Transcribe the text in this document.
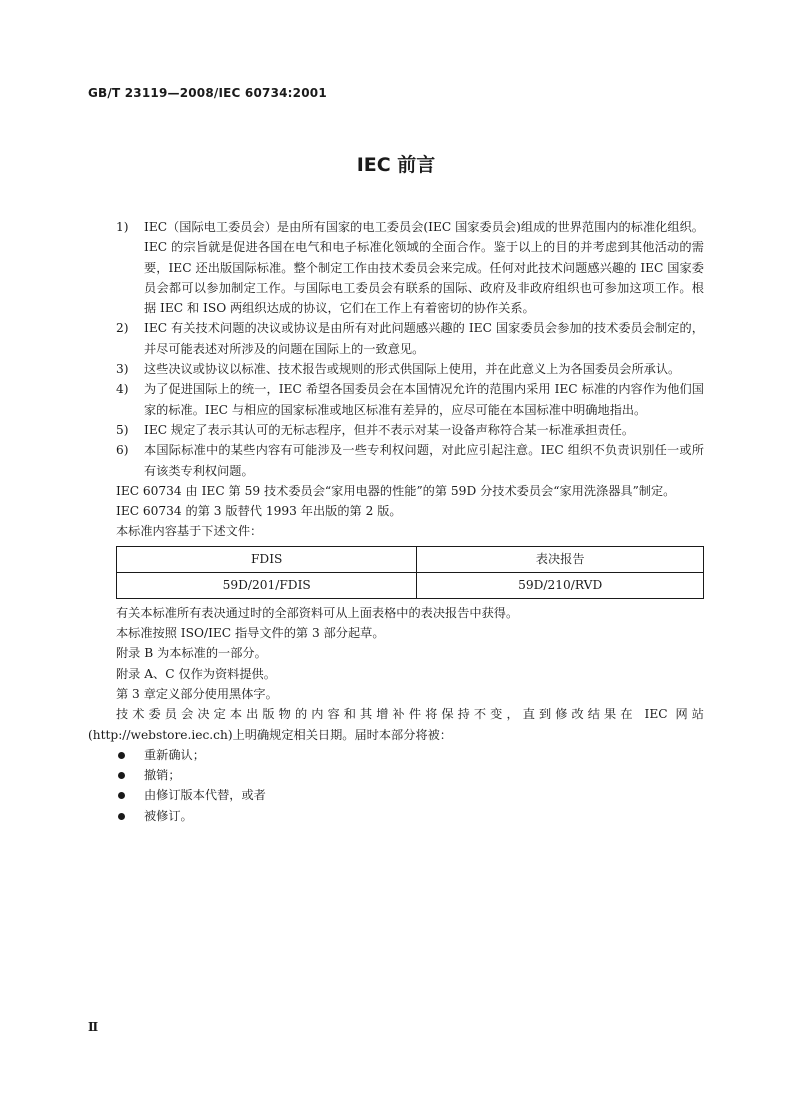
GB/T 23119—2008/IEC 60734:2001
IEC 前言
1) IEC（国际电工委员会）是由所有国家的电工委员会(IEC 国家委员会)组成的世界范围内的标准化组织。IEC 的宗旨就是促进各国在电气和电子标准化领域的全面合作。鉴于以上的目的并考虑到其他活动的需要，IEC 还出版国际标准。整个制定工作由技术委员会来完成。任何对此技术问题感兴趣的 IEC 国家委员会都可以参加制定工作。与国际电工委员会有联系的国际、政府及非政府组织也可参加这项工作。根据 IEC 和 ISO 两组织达成的协议，它们在工作上有着密切的协作关系。
2) IEC 有关技术问题的决议或协议是由所有对此问题感兴趣的 IEC 国家委员会参加的技术委员会制定的，并尽可能表述对所涉及的问题在国际上的一致意见。
3) 这些决议或协议以标准、技术报告或规则的形式供国际上使用，并在此意义上为各国委员会所承认。
4) 为了促进国际上的统一，IEC 希望各国委员会在本国情况允许的范围内采用 IEC 标准的内容作为他们国家的标准。IEC 与相应的国家标准或地区标准有差异的，应尽可能在本国标准中明确地指出。
5) IEC 规定了表示其认可的无标志程序，但并不表示对某一设备声称符合某一标准承担责任。
6) 本国际标准中的某些内容有可能涉及一些专利权问题，对此应引起注意。IEC 组织不负责识别任一或所有该类专利权问题。
IEC 60734 由 IEC 第 59 技术委员会“家用电器的性能”的第 59D 分技术委员会“家用洗涤器具”制定。
IEC 60734 的第 3 版替代 1993 年出版的第 2 版。
本标准内容基于下述文件：
FDIS	表决报告
59D/201/FDIS	59D/210/RVD
有关本标准所有表决通过时的全部资料可从上面表格中的表决报告中获得。
本标准按照 ISO/IEC 指导文件的第 3 部分起草。
附录 B 为本标准的一部分。
附录 A、C 仅作为资料提供。
第 3 章定义部分使用黑体字。
技术委员会决定本出版物的内容和其增补件将保持不变，直到修改结果在 IEC 网站(http://webstore.iec.ch)上明确规定相关日期。届时本部分将被：
重新确认；
撤销；
由修订版本代替，或者
被修订。
Ⅱ
